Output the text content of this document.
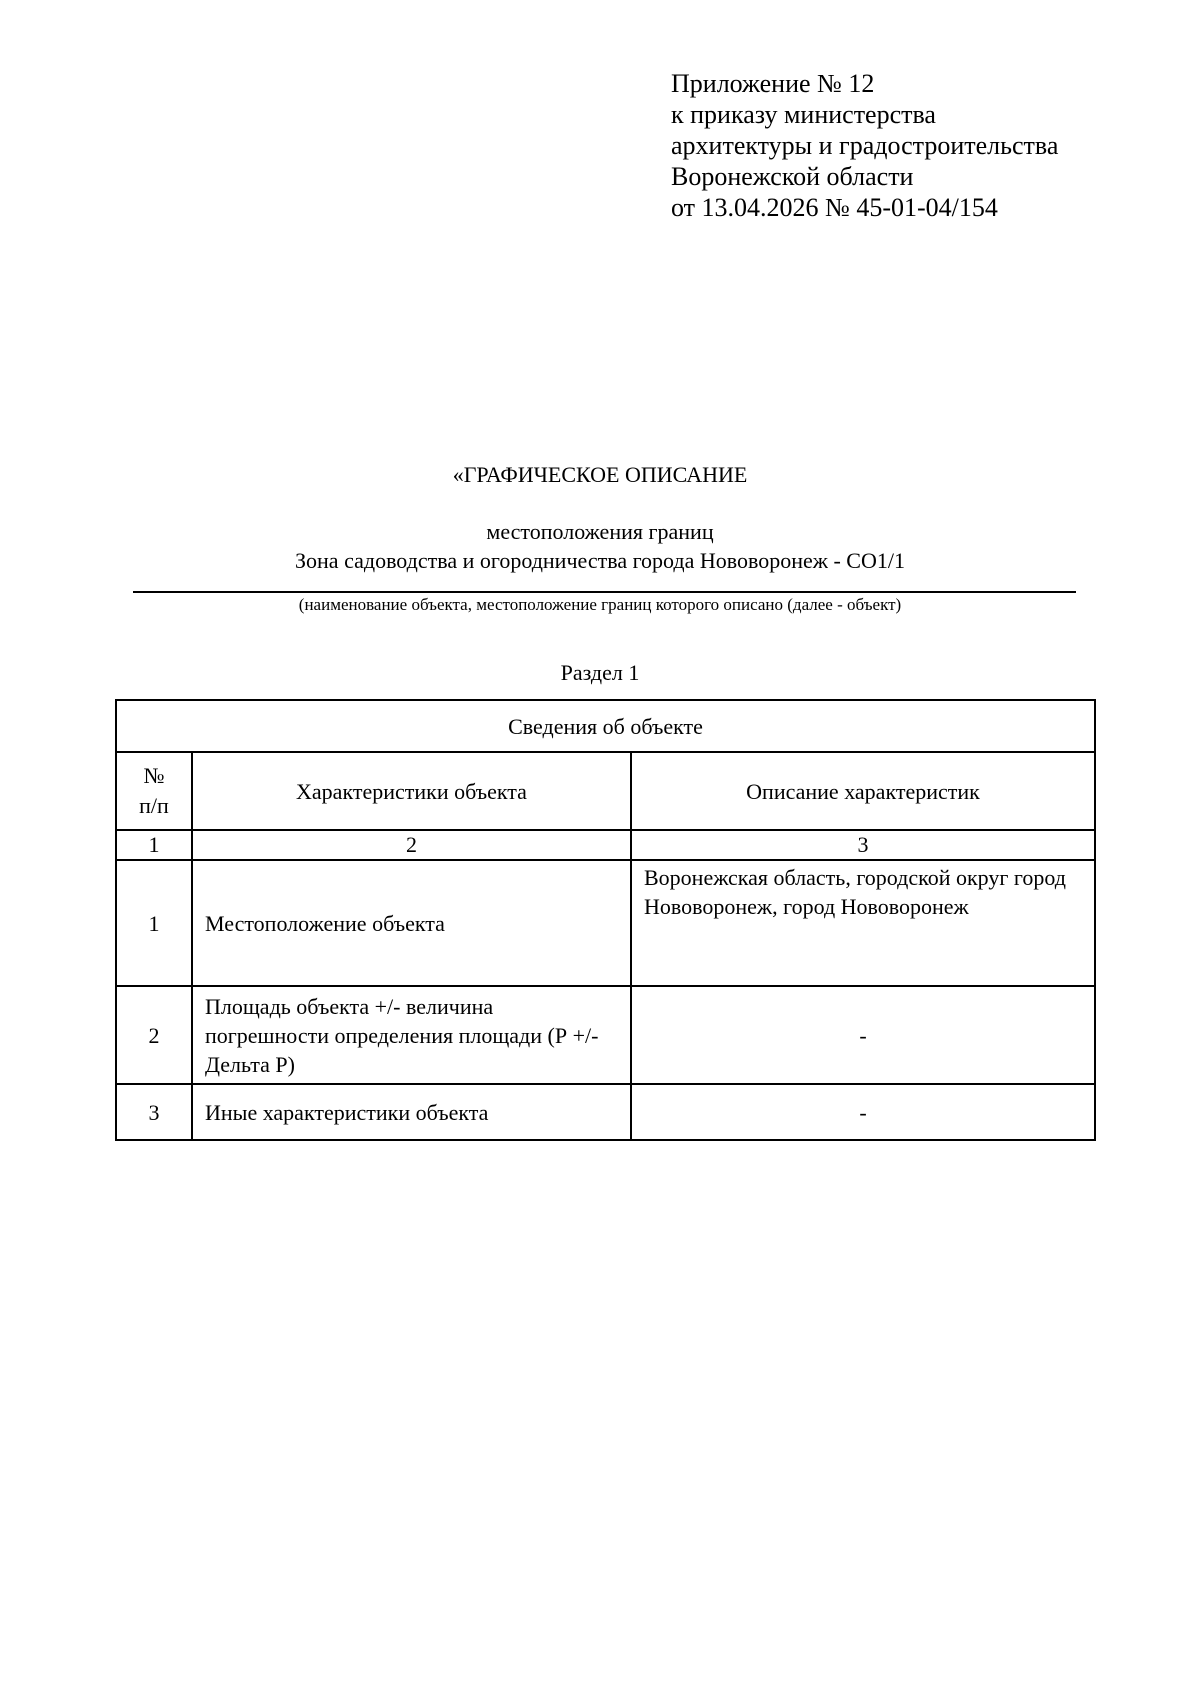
Приложение № 12
к приказу министерства
архитектуры и градостроительства
Воронежской области
от 13.04.2026 № 45-01-04/154
«ГРАФИЧЕСКОЕ ОПИСАНИЕ
местоположения границ
Зона садоводства и огородничества города Нововоронеж - СО1/1
(наименование объекта, местоположение границ которого описано (далее - объект)
Раздел 1
Сведения об объекте		
№
п/п	Характеристики объекта	Описание характеристик
1	2	3
1	Местоположение объекта	Воронежская область, городской округ город Нововоронеж, город Нововоронеж
2	Площадь объекта +/- величина погрешности определения площади (Р +/- Дельта Р)	-
3	Иные характеристики объекта	-
